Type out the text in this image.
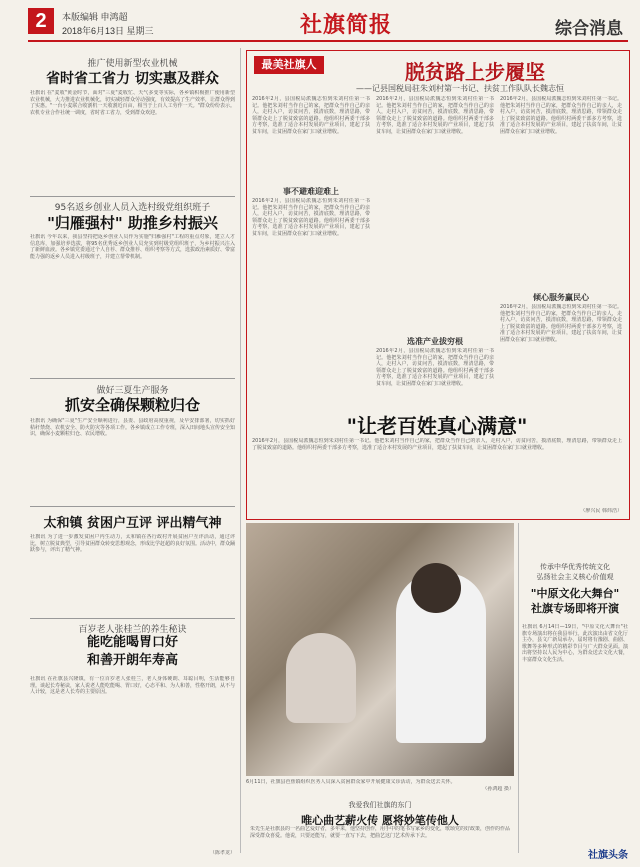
2	本版编辑 申鸿超
2018年6月13日 星期三	社旗简报	综合消息
推广使用新型农业机械
省时省工省力 切实惠及群众
社旗讯 在"麦收"黄金时节，面对"三夏"麦收忙、天气多变等实际，各乡镇积极推广使用新型农业机械，大力推进农业机械化，切实减轻群众劳动强度，有效提高了生产效率，让群众得到了实惠。"一台小麦联合收割机一天收割近百亩，相当于上百人工劳作一天。"群众纷纷表示。农机专业合作社统一调度，省时省工省力，受到群众欢迎。
95名返乡创业人员入选村级党组织班子
"归雁强村" 助推乡村振兴
社旗讯 今年以来，我县坚持把返乡创业人员作为实施"归雁强村"工程的重点对象，建立人才信息库，加强培养选拔，将95名优秀返乡创业人员充实到村级党组织班子，为乡村振兴注入了新鲜血液。各乡镇党委通过个人自荐、群众推荐、组织考察等方式，选拔政治素质好、带富能力强的返乡人员进入村级班子，并建立帮带机制。
做好三夏生产服务
抓安全确保颗粒归仓
社旗讯 为确保"三夏"生产安全顺利进行，县委、县政府高度重视，及早安排部署，切实抓好秸秆禁烧、农机安全、防火防灾等各项工作。各乡镇成立工作专班，深入田间地头宣传安全知识，确保小麦颗粒归仓、农民增收。
太和镇 贫困户互评 评出精气神
社旗讯 为了进一步激发贫困户内生动力，太和镇在各行政村开展贫困户互评活动，通过评比，树立脱贫典型，引导贫困群众转变思想观念，形成比学赶超的良好氛围。活动中，群众踊跃参与，评出了精气神。
百岁老人张桂兰的养生秘诀
能吃能喝胃口好
和善开朗年寿高
社旗讯 在社旗县兴隆镇，有一位百岁老人张桂兰，老人身体硬朗、耳聪目明，生活能够自理。谈起长寿秘诀，家人说老人能吃能喝、胃口好，心态平和、为人和善，性格开朗，从不与人计较，这是老人长寿的主要原因。
（陈孝龙）
最美社旗人	脱贫路上步履坚
——记县国税局驻朱刘村第一书记、扶贫工作队队长魏志恒
2016年2月，县国税局派魏志恒到朱刘村任第一书记。他把朱刘村当作自己的家，把群众当作自己的亲人，走村入户，访贫问苦，摸清底数，理清思路，带领群众走上了脱贫致富的道路。他组织村两委干部多方考察，选准了适合本村发展的产业项目，建起了扶贫车间，让贫困群众在家门口就业增收。
事不避难迎难上
2016年2月，县国税局派魏志恒到朱刘村任第一书记。他把朱刘村当作自己的家，把群众当作自己的亲人，走村入户，访贫问苦，摸清底数，理清思路，带领群众走上了脱贫致富的道路。他组织村两委干部多方考察，选准了适合本村发展的产业项目，建起了扶贫车间，让贫困群众在家门口就业增收。
2016年2月，县国税局派魏志恒到朱刘村任第一书记。他把朱刘村当作自己的家，把群众当作自己的亲人，走村入户，访贫问苦，摸清底数，理清思路，带领群众走上了脱贫致富的道路。他组织村两委干部多方考察，选准了适合本村发展的产业项目，建起了扶贫车间，让贫困群众在家门口就业增收。
选准产业拔穷根
2016年2月，县国税局派魏志恒到朱刘村任第一书记。他把朱刘村当作自己的家，把群众当作自己的亲人，走村入户，访贫问苦，摸清底数，理清思路，带领群众走上了脱贫致富的道路。他组织村两委干部多方考察，选准了适合本村发展的产业项目，建起了扶贫车间，让贫困群众在家门口就业增收。
2016年2月，县国税局派魏志恒到朱刘村任第一书记。他把朱刘村当作自己的家，把群众当作自己的亲人，走村入户，访贫问苦，摸清底数，理清思路，带领群众走上了脱贫致富的道路。他组织村两委干部多方考察，选准了适合本村发展的产业项目，建起了扶贫车间，让贫困群众在家门口就业增收。
倾心服务赢民心
2016年2月，县国税局派魏志恒到朱刘村任第一书记。他把朱刘村当作自己的家，把群众当作自己的亲人，走村入户，访贫问苦，摸清底数，理清思路，带领群众走上了脱贫致富的道路。他组织村两委干部多方考察，选准了适合本村发展的产业项目，建起了扶贫车间，让贫困群众在家门口就业增收。
"让老百姓真心满意"
2016年2月，县国税局派魏志恒到朱刘村任第一书记。他把朱刘村当作自己的家，把群众当作自己的亲人，走村入户，访贫问苦，摸清底数，理清思路，带领群众走上了脱贫致富的道路。他组织村两委干部多方考察，选准了适合本村发展的产业项目，建起了扶贫车间，让贫困群众在家门口就业增收。
（廖兴民 韩炜浩）
6月11日，社旗县芭蕉镇组织医务人员深入贫困群众家中开展健康义诊活动，为群众送去关怀。
（孙鸿超 摄）
我爱我们社旗的东门
唯心曲艺薪火传 愿将妙笔传他人
朱先生是社旗县的一名曲艺爱好者，多年来，他坚持创作，用手中的笔书写家乡的变化，歌颂党的好政策，创作的作品深受群众喜爱。他说，只要还能写，就要一直写下去，把曲艺这门艺术传承下去。
传承中华优秀传统文化
弘扬社会主义核心价值观
"中原文化大舞台"
社旗专场即将开演
社旗讯 6月14日—19日，"中原文化大舞台"社旗专场演出将在我县举行。此次演出由省文化厅主办，县文广新局承办，届时将有豫剧、曲剧、歌舞等多种形式的精彩节目与广大群众见面。演出将坚持以人民为中心，为群众送去文化大餐，丰富群众文化生活。
社旗头条
